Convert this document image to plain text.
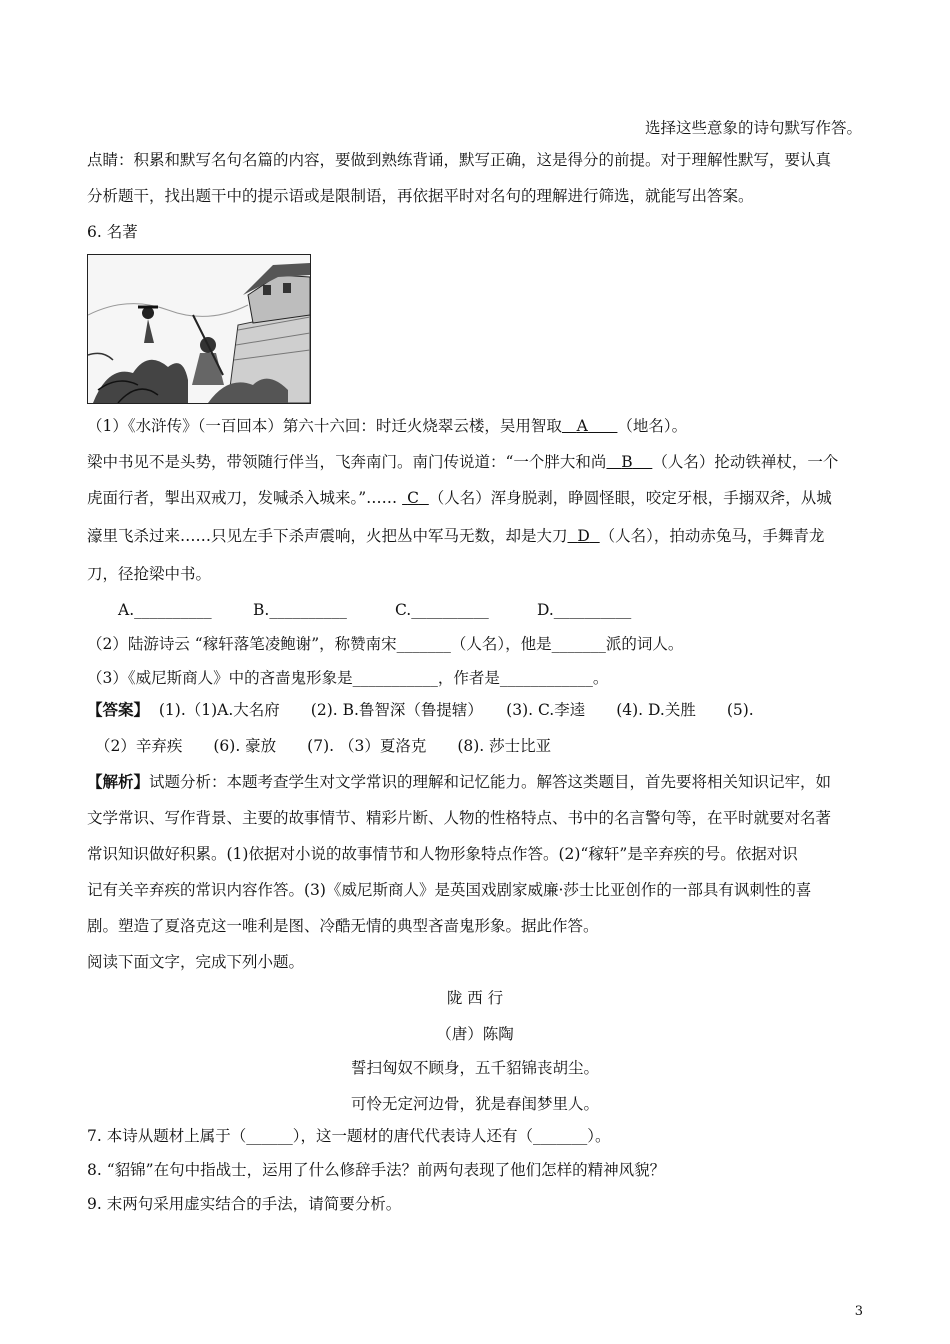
选择这些意象的诗句默写作答。
点睛：积累和默写名句名篇的内容，要做到熟练背诵，默写正确，这是得分的前提。对于理解性默写，要认真
分析题干，找出题干中的提示语或是限制语，再依据平时对名句的理解进行筛选，就能写出答案。
6. 名著
（1）《水浒传》（一百回本）第六十六回：时迁火烧翠云楼，吴用智取 A （地名）。
梁中书见不是头势，带领随行伴当，飞奔南门。南门传说道：“一个胖大和尚 B （人名）抡动铁禅杖，一个
虎面行者，掣出双戒刀，发喊杀入城来。”…… C （人名）浑身脱剥，睁圆怪眼，咬定牙根，手搦双斧，从城
濠里飞杀过来……只见左手下杀声震响，火把丛中军马无数，却是大刀 D （人名），拍动赤兔马，手舞青龙
刀，径抢梁中书。
A.__________	B.__________	C.__________	D.__________
（2）陆游诗云 “稼轩落笔凌鲍谢”，称赞南宋_______（人名），他是_______派的词人。
（3）《威尼斯商人》中的吝啬鬼形象是___________，作者是____________。
【答案】 (1).（1)A.大名府　　(2). B.鲁智深（鲁提辖）　　(3). C.李逵　　(4). D.关胜　　(5).
（2）辛弃疾　　(6). 豪放　　(7). （3）夏洛克　　(8). 莎士比亚
【解析】试题分析：本题考查学生对文学常识的理解和记忆能力。解答这类题目，首先要将相关知识记牢，如
文学常识、写作背景、主要的故事情节、精彩片断、人物的性格特点、书中的名言警句等，在平时就要对名著
常识知识做好积累。(1)依据对小说的故事情节和人物形象特点作答。(2)“稼轩”是辛弃疾的号。依据对识
记有关辛弃疾的常识内容作答。(3)《威尼斯商人》是英国戏剧家威廉·莎士比亚创作的一部具有讽刺性的喜
剧。塑造了夏洛克这一唯利是图、冷酷无情的典型吝啬鬼形象。据此作答。
阅读下面文字，完成下列小题。
陇 西 行
（唐）陈陶
誓扫匈奴不顾身，五千貂锦丧胡尘。
可怜无定河边骨，犹是春闺梦里人。
7. 本诗从题材上属于（______），这一题材的唐代代表诗人还有（_______）。
8. “貂锦”在句中指战士，运用了什么修辞手法？前两句表现了他们怎样的精神风貌？
9. 末两句采用虚实结合的手法，请简要分析。
3
